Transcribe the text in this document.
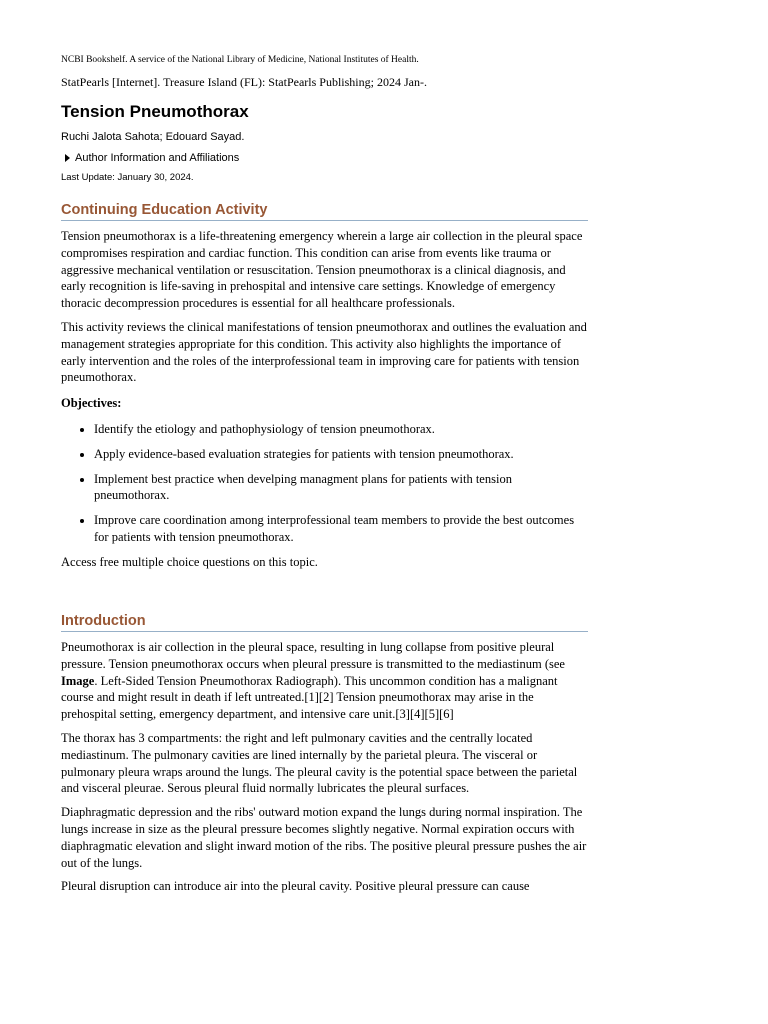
NCBI Bookshelf. A service of the National Library of Medicine, National Institutes of Health.
StatPearls [Internet]. Treasure Island (FL): StatPearls Publishing; 2024 Jan-.
Tension Pneumothorax
Ruchi Jalota Sahota; Edouard Sayad.
Author Information and Affiliations
Last Update: January 30, 2024.
Continuing Education Activity

Tension pneumothorax is a life-threatening emergency wherein a large air collection in the pleural space compromises respiration and cardiac function. This condition can arise from events like trauma or aggressive mechanical ventilation or resuscitation. Tension pneumothorax is a clinical diagnosis, and early recognition is life-saving in prehospital and intensive care settings. Knowledge of emergency thoracic decompression procedures is essential for all healthcare professionals.

This activity reviews the clinical manifestations of tension pneumothorax and outlines the evaluation and management strategies appropriate for this condition. This activity also highlights the importance of early intervention and the roles of the interprofessional team in improving care for patients with tension pneumothorax.

Objectives:

• Identify the etiology and pathophysiology of tension pneumothorax.
• Apply evidence-based evaluation strategies for patients with tension pneumothorax.
• Implement best practice when develping managment plans for patients with tension pneumothorax.
• Improve care coordination among interprofessional team members to provide the best outcomes for patients with tension pneumothorax.

Access free multiple choice questions on this topic.

Introduction

Pneumothorax is air collection in the pleural space, resulting in lung collapse from positive pleural pressure. Tension pneumothorax occurs when pleural pressure is transmitted to the mediastinum (see Image. Left-Sided Tension Pneumothorax Radiograph). This uncommon condition has a malignant course and might result in death if left untreated.[1][2] Tension pneumothorax may arise in the prehospital setting, emergency department, and intensive care unit.[3][4][5][6]

The thorax has 3 compartments: the right and left pulmonary cavities and the centrally located mediastinum. The pulmonary cavities are lined internally by the parietal pleura. The visceral or pulmonary pleura wraps around the lungs. The pleural cavity is the potential space between the parietal and visceral pleurae. Serous pleural fluid normally lubricates the pleural surfaces.

Diaphragmatic depression and the ribs' outward motion expand the lungs during normal inspiration. The lungs increase in size as the pleural pressure becomes slightly negative. Normal expiration occurs with diaphragmatic elevation and slight inward motion of the ribs. The positive pleural pressure pushes the air out of the lungs.

Pleural disruption can introduce air into the pleural cavity. Positive pleural pressure can cause
